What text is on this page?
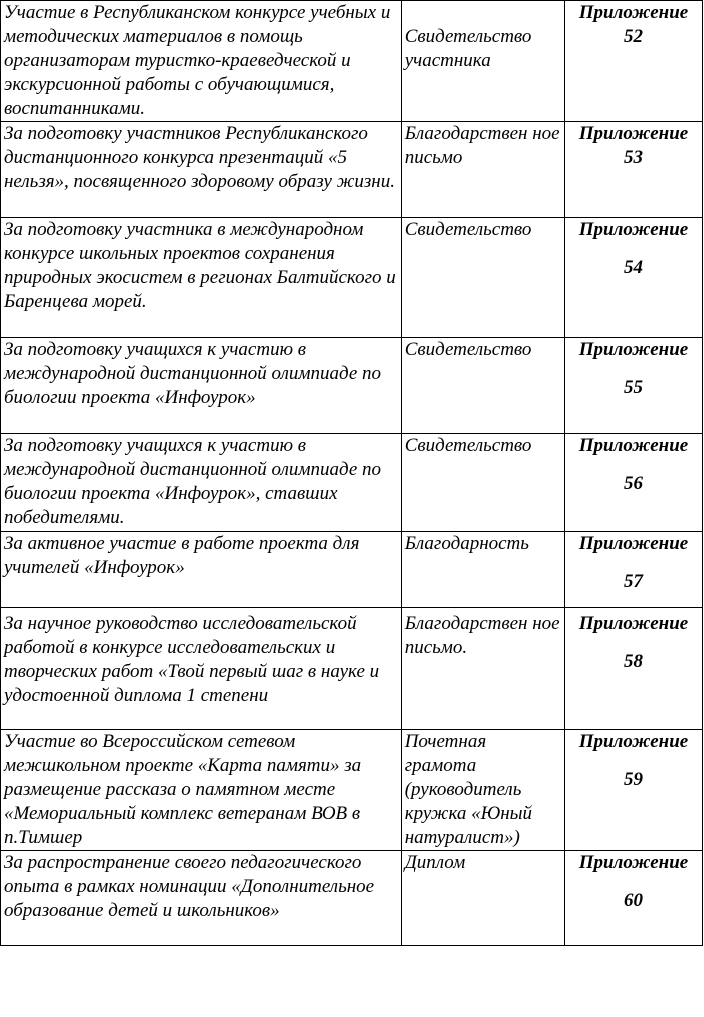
Участие в Республиканском конкурсе учебных и методических материалов в помощь организаторам туристко-краеведческой и экскурсионной работы с обучающимися, воспитанниками.	Свидетельство участника	Приложение
52

За подготовку участников Республиканского дистанционного конкурса презентаций «5 нельзя», посвященного здоровому образу жизни.	Благодарствен ное письмо	Приложение
53

За подготовку участника в международном конкурсе школьных проектов сохранения природных экосистем в регионах Балтийского и Баренцева морей.	Свидетельство	Приложение
54

За подготовку учащихся к участию в международной дистанционной олимпиаде по биологии проекта «Инфоурок»	Свидетельство	Приложение
55

За подготовку учащихся к участию в международной дистанционной олимпиаде по биологии проекта «Инфоурок», ставших победителями.	Свидетельство	Приложение
56

За активное участие в работе проекта для учителей «Инфоурок»	Благодарность	Приложение
57

За научное руководство исследовательской работой в конкурсе исследовательских и творческих работ «Твой первый шаг в науке и удостоенной диплома 1 степени	Благодарствен ное письмо.	Приложение
58

Участие во Всероссийском сетевом межшкольном проекте «Карта памяти» за размещение рассказа о памятном месте «Мемориальный комплекс ветеранам ВОВ в п.Тимшер	Почетная грамота (руководитель кружка «Юный натуралист»)	Приложение
59

За распространение своего педагогического опыта в рамках номинации «Дополнительное образование детей и школьников»	Диплом	Приложение
60
